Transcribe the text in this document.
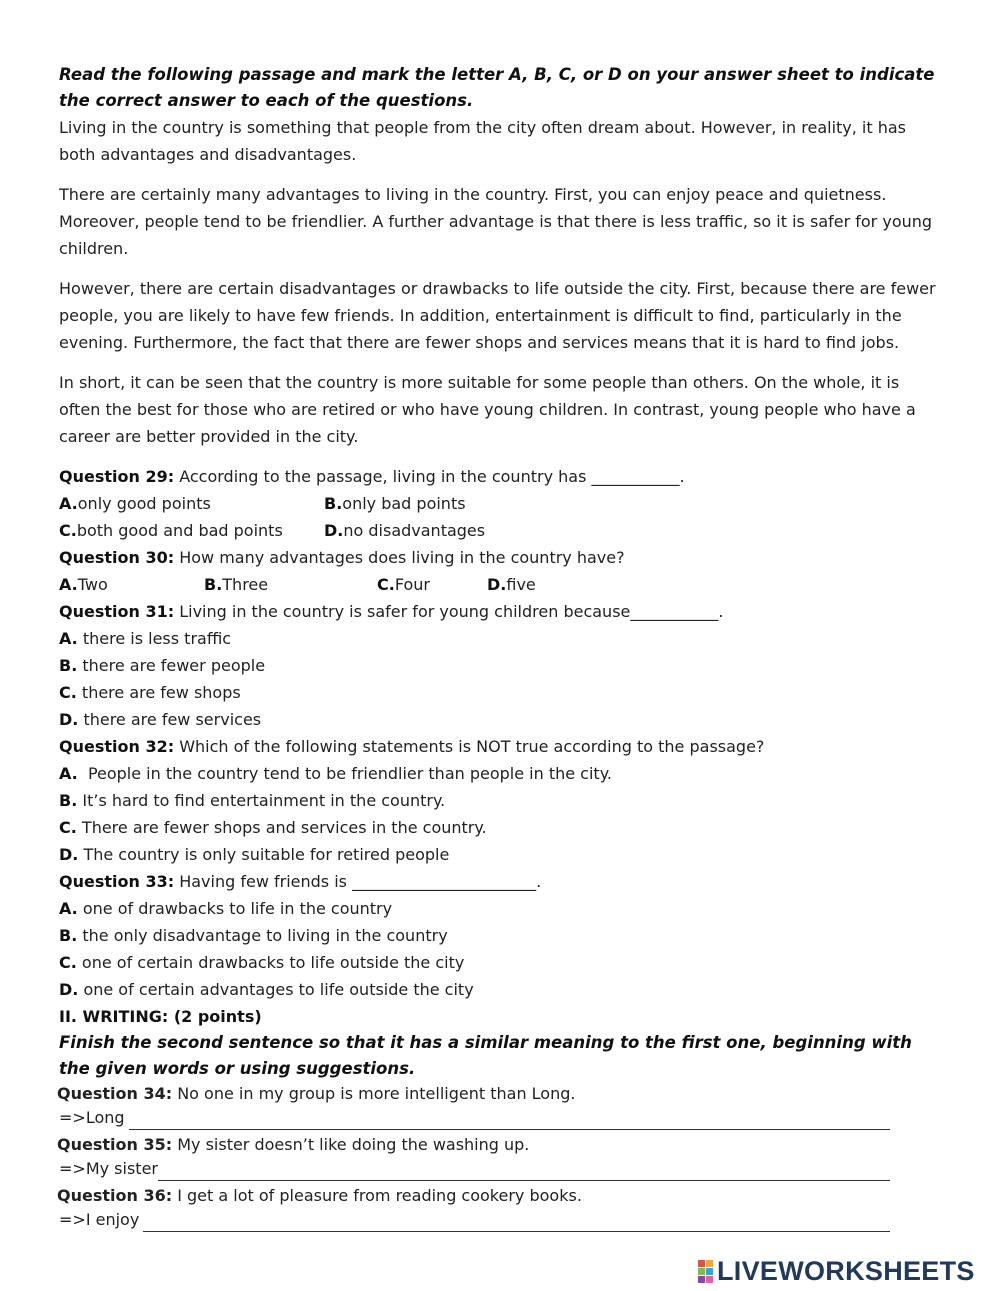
Read the following passage and mark the letter A, B, C, or D on your answer sheet to indicate the correct answer to each of the questions.

Living in the country is something that people from the city often dream about. However, in reality, it has both advantages and disadvantages.

There are certainly many advantages to living in the country. First, you can enjoy peace and quietness. Moreover, people tend to be friendlier. A further advantage is that there is less traffic, so it is safer for young children.

However, there are certain disadvantages or drawbacks to life outside the city. First, because there are fewer people, you are likely to have few friends. In addition, entertainment is difficult to find, particularly in the evening. Furthermore, the fact that there are fewer shops and services means that it is hard to find jobs.

In short, it can be seen that the country is more suitable for some people than others. On the whole, it is often the best for those who are retired or who have young children. In contrast, young people who have a career are better provided in the city.

Question 29: According to the passage, living in the country has ___________.

A.only good points	B.only bad points
C.both good and bad points	D.no disadvantages

Question 30: How many advantages does living in the country have?

A.Two	B.Three	C.Four	D.five

Question 31: Living in the country is safer for young children because___________.

A. there is less traffic

B. there are fewer people

C. there are few shops

D. there are few services

Question 32: Which of the following statements is NOT true according to the passage?

A.  People in the country tend to be friendlier than people in the city.

B. It’s hard to find entertainment in the country.

C. There are fewer shops and services in the country.

D. The country is only suitable for retired people

Question 33: Having few friends is _______________________.

A. one of drawbacks to life in the country

B. the only disadvantage to living in the country

C. one of certain drawbacks to life outside the city

D. one of certain advantages to life outside the city

II. WRITING: (2 points)

Finish the second sentence so that it has a similar meaning to the first one, beginning with the given words or using suggestions.

Question 34: No one in my group is more intelligent than Long.

=>Long

Question 35: My sister doesn’t like doing the washing up.

=>My sister

Question 36: I get a lot of pleasure from reading cookery books.

=>I enjoy
LIVEWORKSHEETS
